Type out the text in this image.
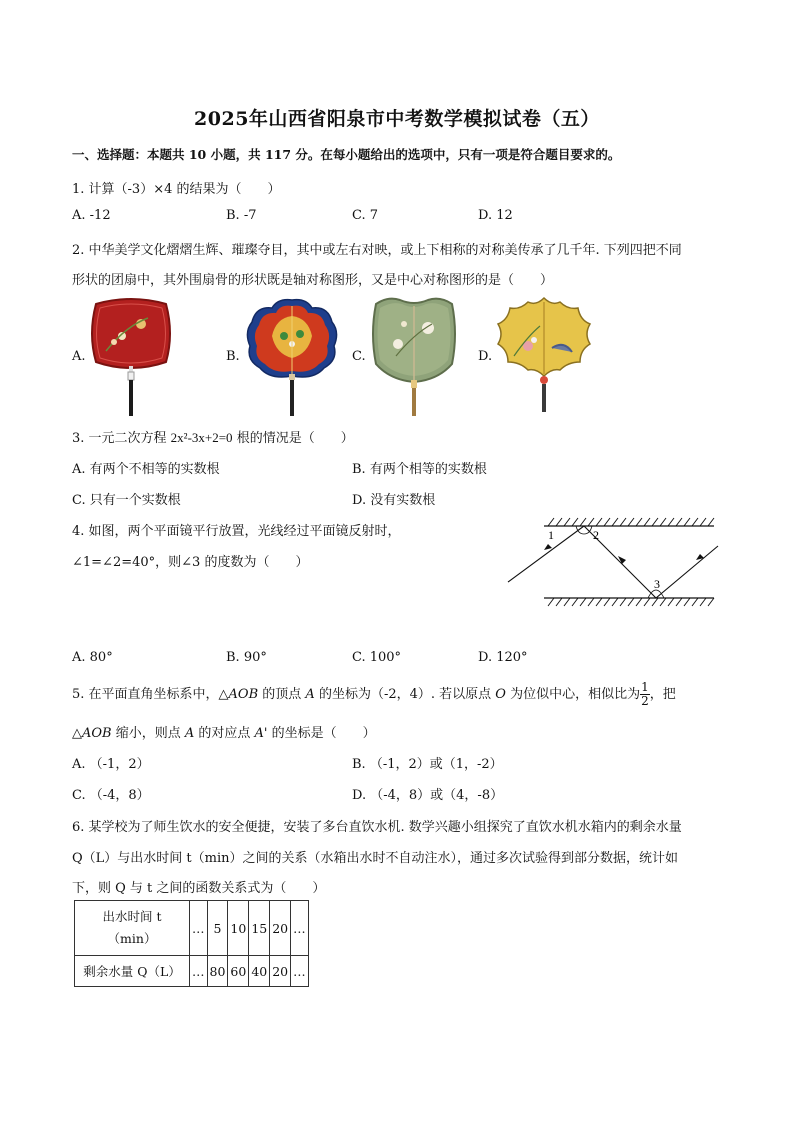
2025年山西省阳泉市中考数学模拟试卷（五）
一、选择题：本题共 10 小题，共 117 分。在每小题给出的选项中，只有一项是符合题目要求的。
1. 计算（-3）×4 的结果为（　　）
A. -12	B. -7	C. 7	D. 12
2. 中华美学文化熠熠生辉、璀璨夺目，其中或左右对映，或上下相称的对称美传承了几千年. 下列四把不同
形状的团扇中，其外围扇骨的形状既是轴对称图形，又是中心对称图形的是（　　）
A.	B.	C.	D.
3. 一元二次方程 2x²-3x+2=0 根的情况是（　　）
A. 有两个不相等的实数根	B. 有两个相等的实数根
C. 只有一个实数根	D. 没有实数根
4. 如图，两个平面镜平行放置，光线经过平面镜反射时，
∠1=∠2=40°，则∠3 的度数为（　　）
1	2
3
A. 80°	B. 90°	C. 100°	D. 120°
5. 在平面直角坐标系中，△AOB 的顶点 A 的坐标为（-2，4）. 若以原点 O 为位似中心，相似比为 $\frac{1}{2}$ ，把
△AOB 缩小，则点 A 的对应点 A' 的坐标是（　　）
A. （-1，2）	B. （-1，2）或（1，-2）
C. （-4，8）	D. （-4，8）或（4，-8）
6. 某学校为了师生饮水的安全便捷，安装了多台直饮水机. 数学兴趣小组探究了直饮水机水箱内的剩余水量
Q（L）与出水时间 t（min）之间的关系（水箱出水时不自动注水），通过多次试验得到部分数据，统计如
下，则 Q 与 t 之间的函数关系式为（　　）
出水时间 t
（min）	…	5	10	15	20	…
剩余水量 Q（L）	…	80	60	40	20	…
